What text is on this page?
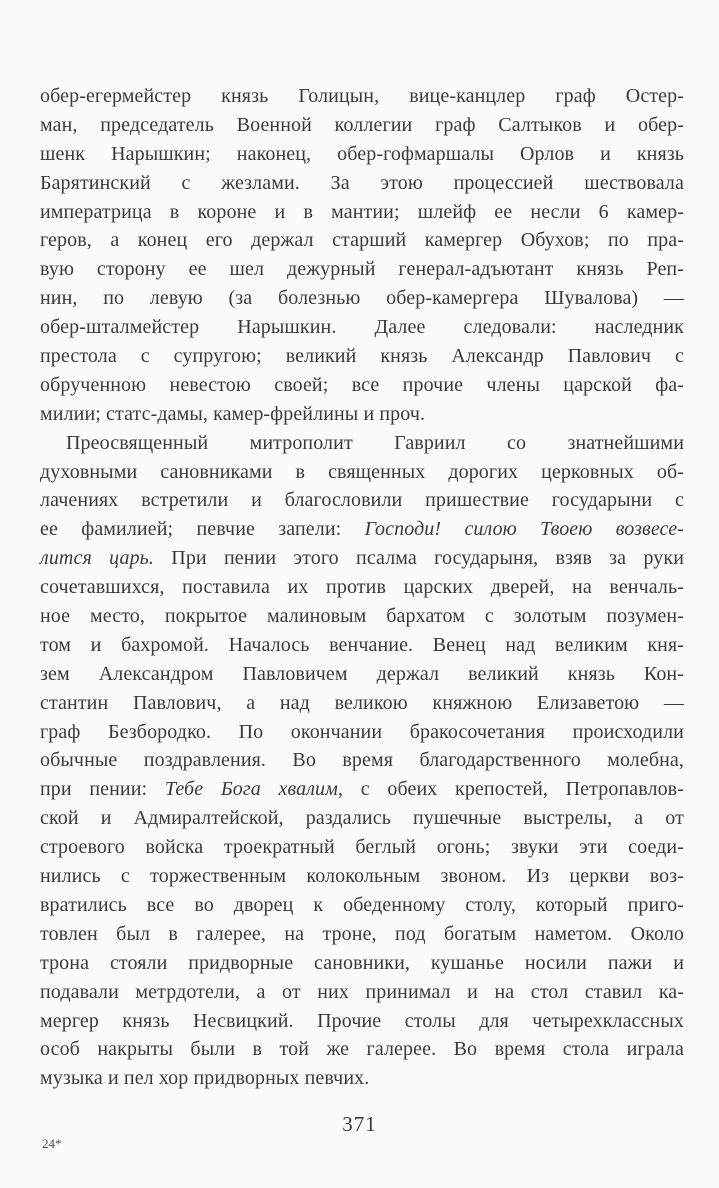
обер-егермейстер князь Голицын, вице-канцлер граф Остер-
ман, председатель Военной коллегии граф Салтыков и обер-
шенк Нарышкин; наконец, обер-гофмаршалы Орлов и князь
Барятинский с жезлами. За этою процессией шествовала
императрица в короне и в мантии; шлейф ее несли 6 камер-
геров, а конец его держал старший камергер Обухов; по пра-
вую сторону ее шел дежурный генерал-адъютант князь Реп-
нин, по левую (за болезнью обер-камергера Шувалова) —
обер-шталмейстер Нарышкин. Далее следовали: наследник
престола с супругою; великий князь Александр Павлович с
обрученною невестою своей; все прочие члены царской фа-
милии; статс-дамы, камер-фрейлины и проч.
Преосвященный митрополит Гавриил со знатнейшими
духовными сановниками в священных дорогих церковных об-
лачениях встретили и благословили пришествие государыни с
ее фамилией; певчие запели: Господи! силою Твоею возвесе-
лится царь. При пении этого псалма государыня, взяв за руки
сочетавшихся, поставила их против царских дверей, на венчаль-
ное место, покрытое малиновым бархатом с золотым позумен-
том и бахромой. Началось венчание. Венец над великим кня-
зем Александром Павловичем держал великий князь Кон-
стантин Павлович, а над великою княжною Елизаветою —
граф Безбородко. По окончании бракосочетания происходили
обычные поздравления. Во время благодарственного молебна,
при пении: Тебе Бога хвалим, с обеих крепостей, Петропавлов-
ской и Адмиралтейской, раздались пушечные выстрелы, а от
строевого войска троекратный беглый огонь; звуки эти соеди-
нились с торжественным колокольным звоном. Из церкви воз-
вратились все во дворец к обеденному столу, который приго-
товлен был в галерее, на троне, под богатым наметом. Около
трона стояли придворные сановники, кушанье носили пажи и
подавали метрдотели, а от них принимал и на стол ставил ка-
мергер князь Несвицкий. Прочие столы для четырехклассных
особ накрыты были в той же галерее. Во время стола играла
музыка и пел хор придворных певчих.
371
24*
